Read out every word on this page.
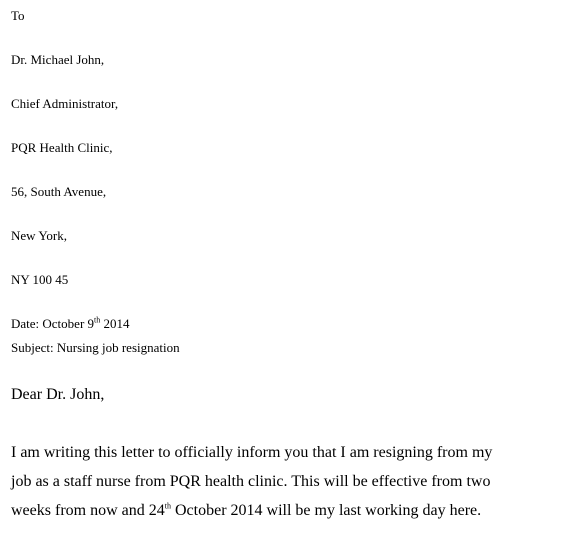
To
Dr. Michael John,
Chief Administrator,
PQR Health Clinic,
56, South Avenue,
New York,
NY 100 45
Date: October 9th 2014
Subject: Nursing job resignation
Dear Dr. John,
I am writing this letter to officially inform you that I am resigning from my
job as a staff nurse from PQR health clinic. This will be effective from two
weeks from now and 24th October 2014 will be my last working day here.
